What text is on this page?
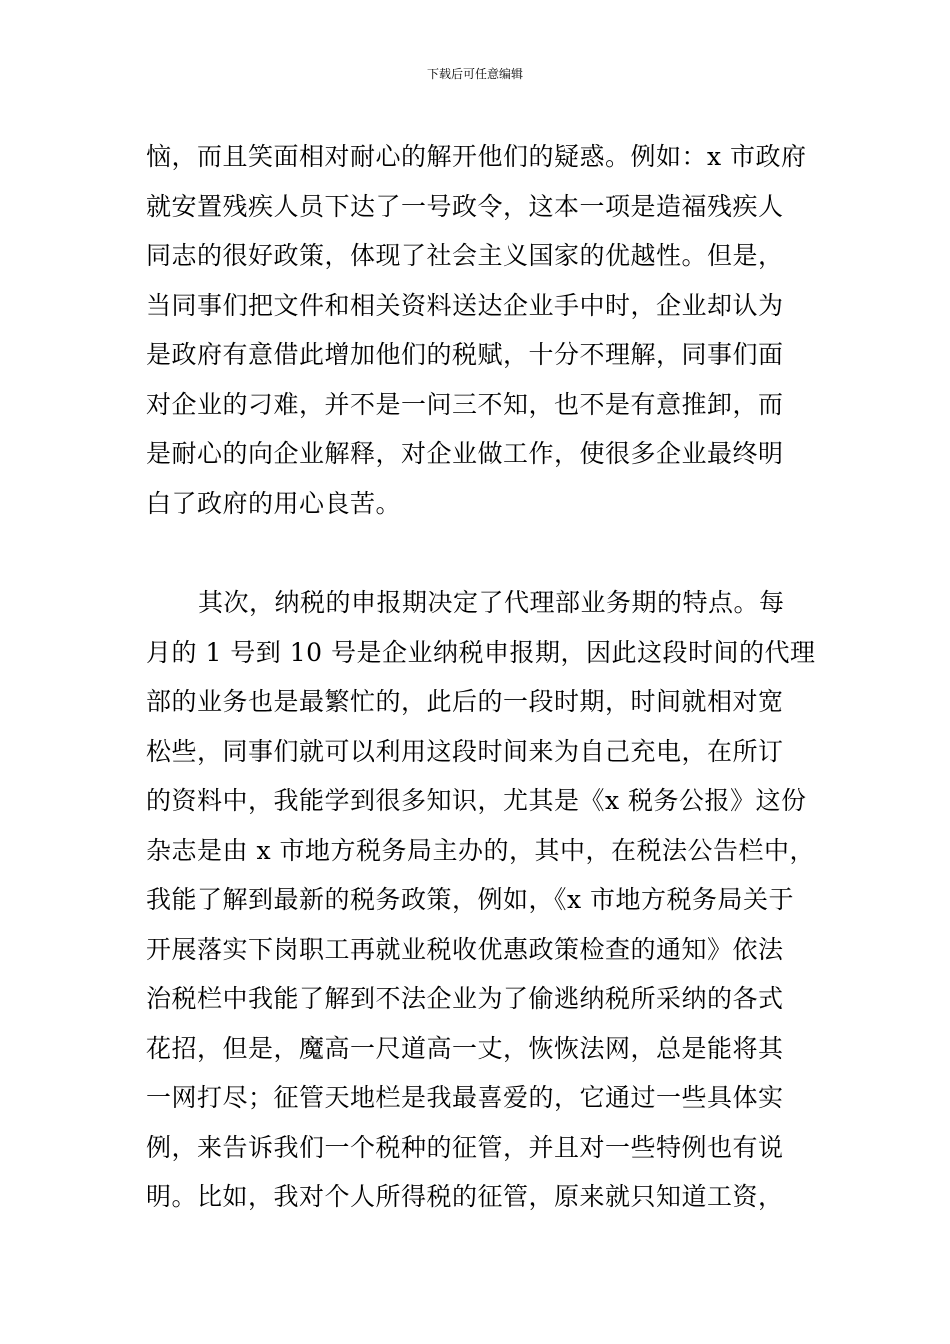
下载后可任意编辑

恼，而且笑面相对耐心的解开他们的疑惑。例如：x 市政府
就安置残疾人员下达了一号政令，这本一项是造福残疾人
同志的很好政策，体现了社会主义国家的优越性。但是，
当同事们把文件和相关资料送达企业手中时，企业却认为
是政府有意借此增加他们的税赋，十分不理解，同事们面
对企业的刁难，并不是一问三不知，也不是有意推卸，而
是耐心的向企业解释，对企业做工作，使很多企业最终明
白了政府的用心良苦。

其次，纳税的申报期决定了代理部业务期的特点。每
月的 1 号到 10 号是企业纳税申报期，因此这段时间的代理
部的业务也是最繁忙的，此后的一段时期，时间就相对宽
松些，同事们就可以利用这段时间来为自己充电，在所订
的资料中，我能学到很多知识，尤其是《x 税务公报》这份
杂志是由 x 市地方税务局主办的，其中，在税法公告栏中，
我能了解到最新的税务政策，例如，《x 市地方税务局关于
开展落实下岗职工再就业税收优惠政策检查的通知》依法
治税栏中我能了解到不法企业为了偷逃纳税所采纳的各式
花招，但是，魔高一尺道高一丈，恢恢法网，总是能将其
一网打尽；征管天地栏是我最喜爱的，它通过一些具体实
例，来告诉我们一个税种的征管，并且对一些特例也有说
明。比如，我对个人所得税的征管，原来就只知道工资，
